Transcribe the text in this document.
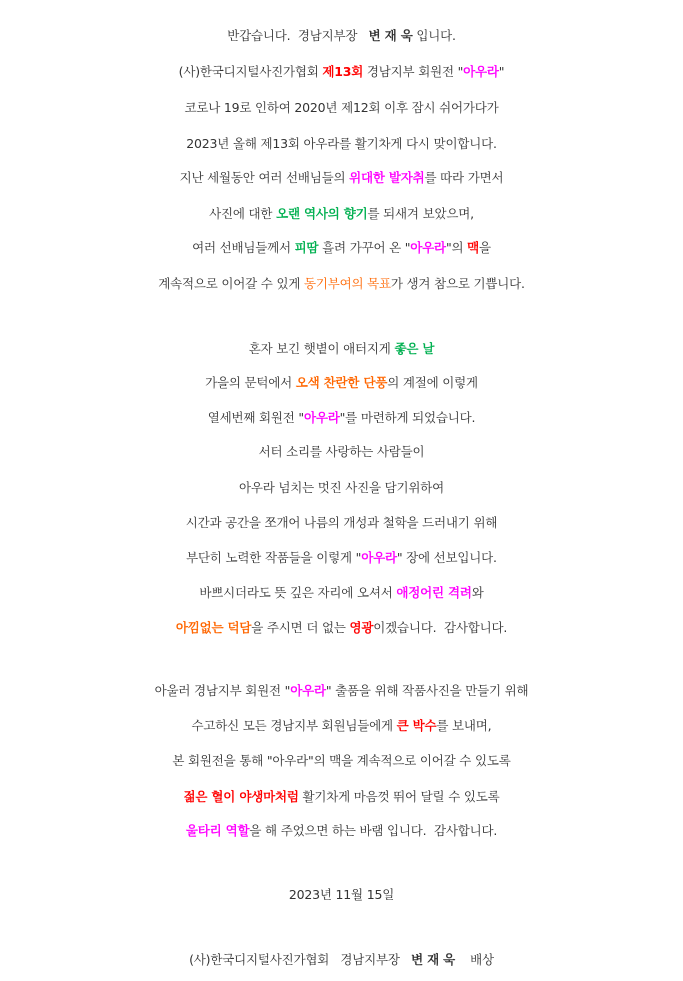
반갑습니다.  경남지부장   변 재 욱 입니다.
(사)한국디지털사진가협회 제13회 경남지부 회원전 "아우라"
코로나 19로 인하여 2020년 제12회 이후 잠시 쉬어가다가
2023년 올해 제13회 아우라를 활기차게 다시 맞이합니다.
지난 세월동안 여러 선배님들의 위대한 발자취를 따라 가면서
사진에 대한 오랜 역사의 향기를 되새겨 보았으며,
여러 선배님들께서 피땀 흘려 가꾸어 온 "아우라"의 맥을
계속적으로 이어갈 수 있게 동기부여의 목표가 생겨 참으로 기쁩니다.
혼자 보긴 햇볕이 애터지게 좋은 날
가을의 문턱에서 오색 찬란한 단풍의 계절에 이렇게
열세번째 회원전 "아우라"를 마련하게 되었습니다.
서터 소리를 사랑하는 사람들이
아우라 넘치는 멋진 사진을 담기위하여
시간과 공간을 쪼개어 나름의 개성과 철학을 드러내기 위해
부단히 노력한 작품들을 이렇게 "아우라" 장에 선보입니다.
바쁘시더라도 뜻 깊은 자리에 오셔서 애정어린 격려와
아낌없는 덕담을 주시면 더 없는 영광이겠습니다.  감사합니다.
아울러 경남지부 회원전 "아우라" 출품을 위해 작품사진을 만들기 위해
수고하신 모든 경남지부 회원님들에게 큰 박수를 보내며,
본 회원전을 통해 "아우라"의 맥을 계속적으로 이어갈 수 있도록
젊은 혈이 야생마처럼 활기차게 마음껏 뛰어 달릴 수 있도록
울타리 역할을 해 주었으면 하는 바램 입니다.  감사합니다.
2023년 11월 15일
(사)한국디지털사진가협회   경남지부장   변 재 욱    배상
